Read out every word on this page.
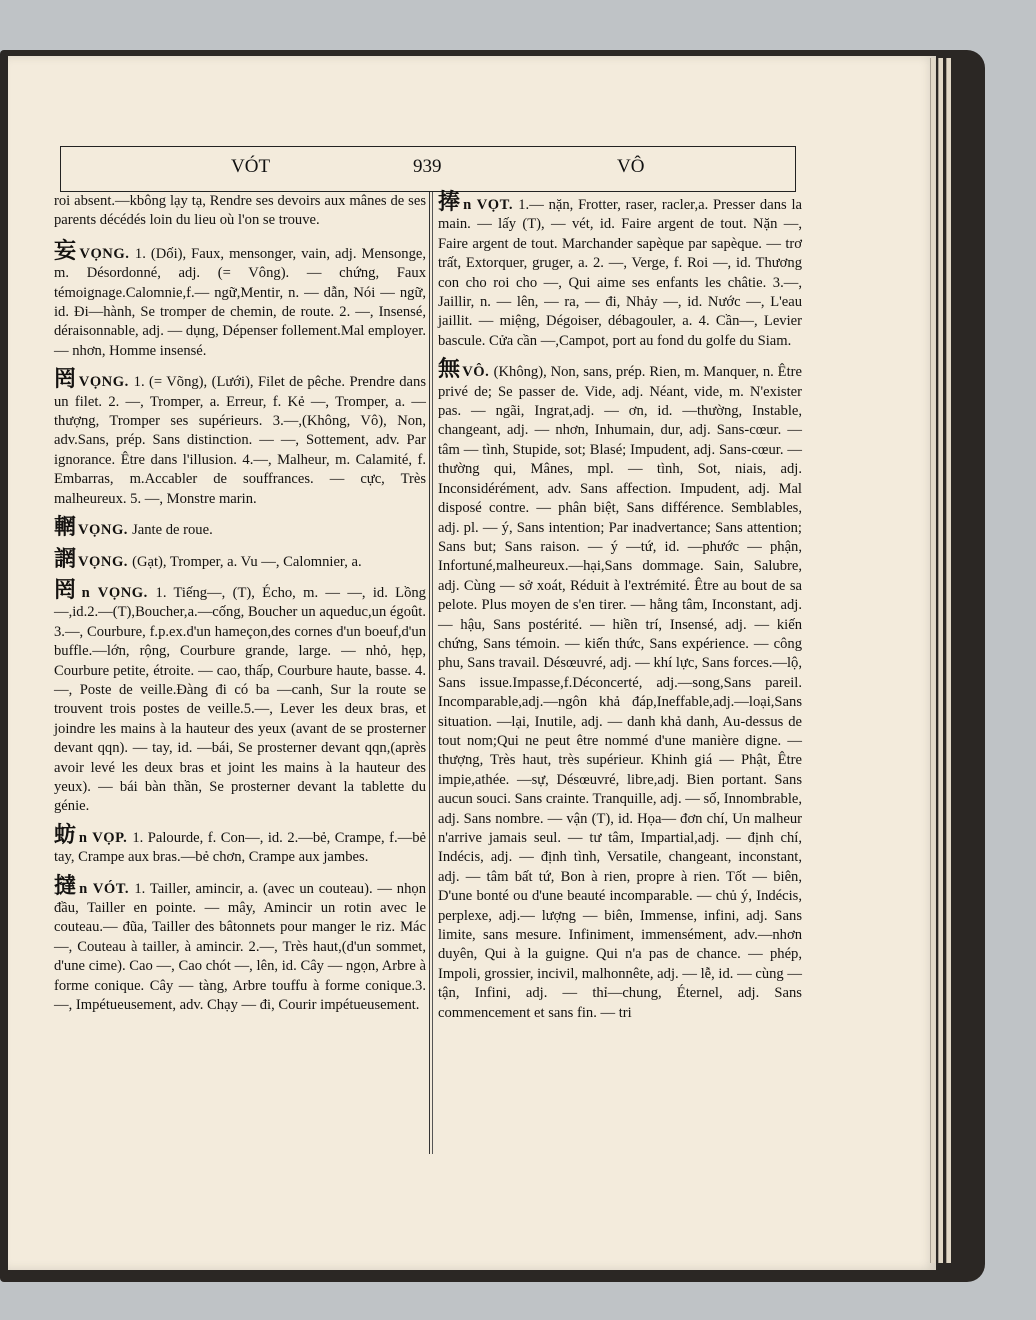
VÓT	939	VÔ

roi absent.—kbông lạy tạ, Rendre ses devoirs aux mânes de ses parents décédés loin du lieu où l'on se trouve.

妄VỌNG. 1. (Dối), Faux, mensonger, vain, adj. Mensonge, m. Désordonné, adj. (= Vông). — chứng, Faux témoignage.Calomnie,f.— ngữ,Mentir, n. — dẫn, Nói — ngữ, id. Đi—hành, Se tromper de chemin, de route. 2. —, Insensé, déraisonnable, adj. — dụng, Dépenser follement.Mal employer. — nhơn, Homme insensé.

罔VỌNG. 1. (= Võng), (Lưới), Filet de pêche. Prendre dans un filet. 2. —, Tromper, a. Erreur, f. Kẻ —, Tromper, a. — thượng, Tromper ses supérieurs. 3.—,(Không, Vô), Non, adv.Sans, prép. Sans distinction. — —, Sottement, adv. Par ignorance. Être dans l'illusion. 4.—, Malheur, m. Calamité, f. Embarras, m.Accabler de souffrances. — cực, Très malheureux. 5. —, Monstre marin.

輞VỌNG. Jante de roue.

誷VỌNG. (Gạt), Tromper, a. Vu —, Calomnier, a.

罔n VỌNG. 1. Tiếng—, (T), Écho, m. — —, id. Lồng—,id.2.—(T),Boucher,a.—cống, Boucher un aqueduc,un égoût. 3.—, Courbure, f.p.ex.d'un hameçon,des cornes d'un boeuf,d'un buffle.—lớn, rộng, Courbure grande, large. — nhỏ, hẹp, Courbure petite, étroite. — cao, thấp, Courbure haute, basse. 4.—, Poste de veille.Đàng đi có ba —canh, Sur la route se trouvent trois postes de veille.5.—, Lever les deux bras, et joindre les mains à la hauteur des yeux (avant de se prosterner devant qqn). — tay, id. —bái, Se prosterner devant qqn,(après avoir levé les deux bras et joint les mains à la hauteur des yeux). — bái bàn thần, Se prosterner devant la tablette du génie.

蚄n VỌP. 1. Palourde, f. Con—, id. 2.—bẻ, Crampe, f.—bẻ tay, Crampe aux bras.—bẻ chơn, Crampe aux jambes.

撻n VÓT. 1. Tailler, amincir, a. (avec un couteau). — nhọn đầu, Tailler en pointe. — mây, Amincir un rotin avec le couteau.— đũa, Tailler des bâtonnets pour manger le riz. Mác —, Couteau à tailler, à amincir. 2.—, Très haut,(d'un sommet, d'une cime). Cao —, Cao chót —, lên, id. Cây — ngọn, Arbre à forme conique. Cây — tàng, Arbre touffu à forme conique.3.—, Impétueusement, adv. Chạy — đi, Courir impétueusement.

捧n VỌT. 1.— nặn, Frotter, raser, racler,a. Presser dans la main. — lấy (T), — vét, id. Faire argent de tout. Nặn —, Faire argent de tout. Marchander sapèque par sapèque. — trơ trất, Extorquer, gruger, a. 2. —, Verge, f. Roi —, id. Thương con cho roi cho —, Qui aime ses enfants les châtie. 3.—, Jaillir, n. — lên, — ra, — đi, Nhảy —, id. Nước —, L'eau jaillit. — miệng, Dégoiser, débagouler, a. 4. Cần—, Levier bascule. Cửa cần —,Campot, port au fond du golfe du Siam.

無VÔ. (Không), Non, sans, prép. Rien, m. Manquer, n. Être privé de; Se passer de. Vide, adj. Néant, vide, m. N'exister pas. — ngãi, Ingrat,adj. — ơn, id. —thường, Instable, changeant, adj. — nhơn, Inhumain, dur, adj. Sans-cœur. — tâm — tình, Stupide, sot; Blasé; Impudent, adj. Sans-cœur. — thường qui, Mânes, mpl. — tình, Sot, niais, adj. Inconsidérément, adv. Sans affection. Impudent, adj. Mal disposé contre. — phân biệt, Sans différence. Semblables, adj. pl. — ý, Sans intention; Par inadvertance; Sans attention; Sans but; Sans raison. — ý —tứ, id. —phước — phận, Infortuné,malheureux.—hại,Sans dommage. Sain, Salubre, adj. Cùng — sở xoát, Réduit à l'extrémité. Être au bout de sa pelote. Plus moyen de s'en tirer. — hằng tâm, Inconstant, adj. — hậu, Sans postérité. — hiền trí, Insensé, adj. — kiến chứng, Sans témoin. — kiến thức, Sans expérience. — công phu, Sans travail. Désœuvré, adj. — khí lực, Sans forces.—lộ, Sans issue.Impasse,f.Déconcerté, adj.—song,Sans pareil. Incomparable,adj.—ngôn khả đáp,Ineffable,adj.—loại,Sans situation. —lại, Inutile, adj. — danh khả danh, Au-dessus de tout nom;Qui ne peut être nommé d'une manière digne. — thượng, Très haut, très supérieur. Khinh giá — Phật, Être impie,athée. —sự, Désœuvré, libre,adj. Bien portant. Sans aucun souci. Sans crainte. Tranquille, adj. — số, Innombrable, adj. Sans nombre. — vận (T), id. Họa— đơn chí, Un malheur n'arrive jamais seul. — tư tâm, Impartial,adj. — định chí, Indécis, adj. — định tình, Versatile, changeant, inconstant, adj. — tâm bất tứ, Bon à rien, propre à rien. Tốt — biên, D'une bonté ou d'une beauté incomparable. — chủ ý, Indécis, perplexe, adj.— lượng — biên, Immense, infini, adj. Sans limite, sans mesure. Infiniment, immensément, adv.—nhơn duyên, Qui à la guigne. Qui n'a pas de chance. — phép, Impoli, grossier, incivil, malhonnête, adj. — lễ, id. — cùng — tận, Infini, adj. — thỉ—chung, Éternel, adj. Sans commencement et sans fin. — tri
